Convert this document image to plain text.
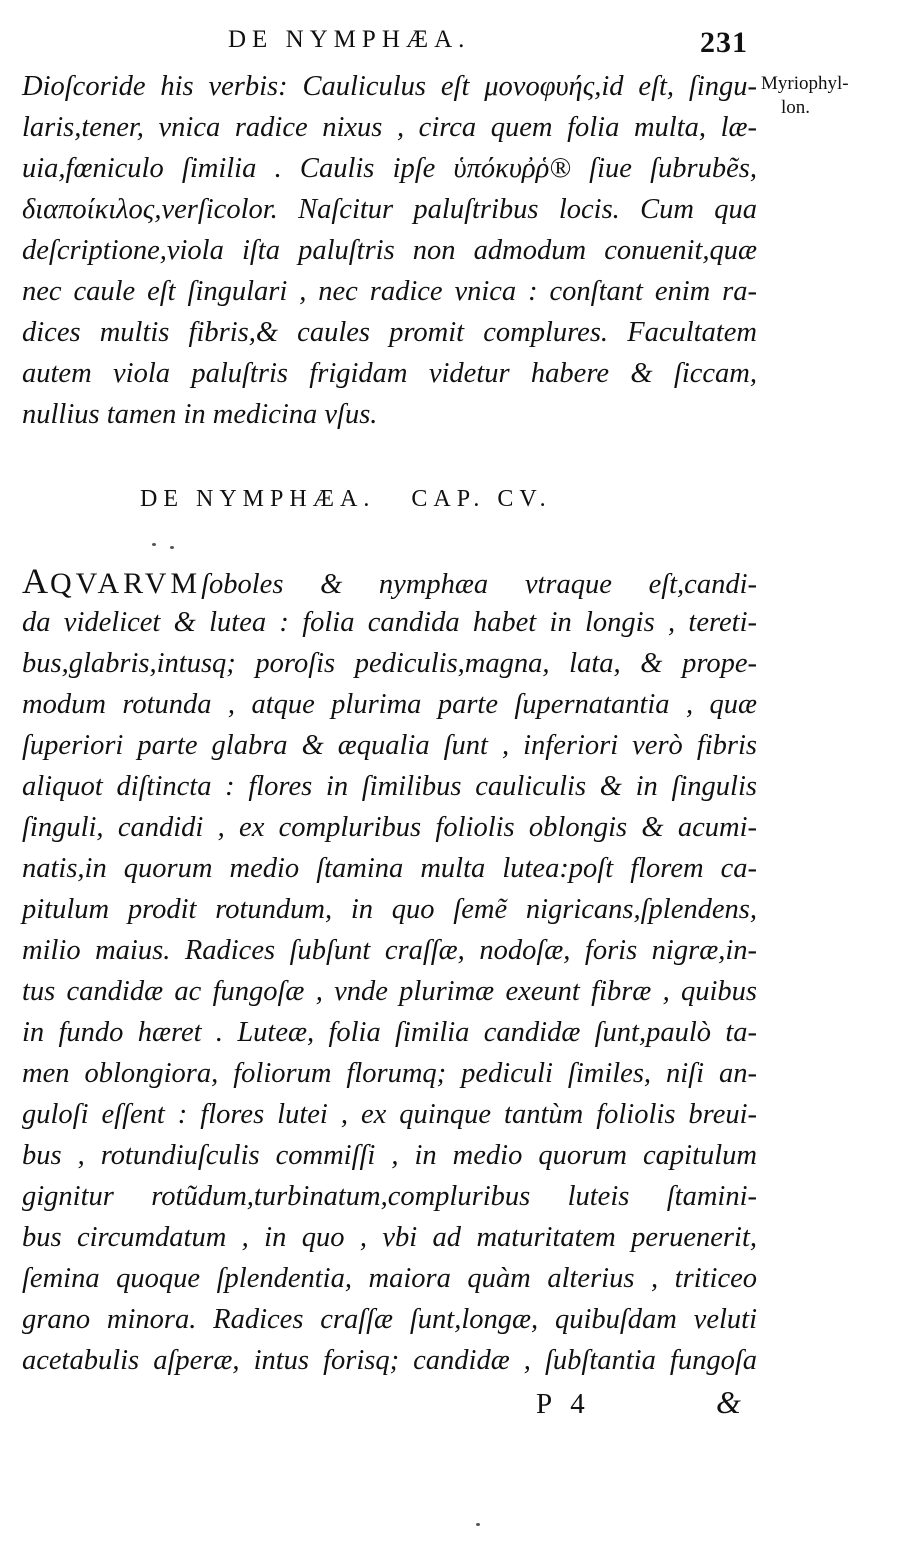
DE NYMPHÆA.	231
Myriophyl-
lon.
Dioſcoride his verbis: Cauliculus eſt μονοφυής,id eſt, ſingu-
laris,tener, vnica radice nixus , circa quem folia multa, læ-
uia,fœniculo ſimilia . Caulis ipſe ὑπόκυῤῥ® ſiue ſubrubẽs,
διαποίκιλος,verſicolor. Naſcitur paluſtribus locis. Cum qua
deſcriptione,viola iſta paluſtris non admodum conuenit,quæ
nec caule eſt ſingulari , nec radice vnica : conſtant enim ra-
dices multis fibris,& caules promit complures. Facultatem
autem viola paluſtris frigidam videtur habere & ſiccam,
nullius tamen in medicina vſus.
DE NYMPHÆA. CAP. CV.
AQVARVMſoboles & nymphæa vtraque eſt,candi-
da videlicet & lutea : folia candida habet in longis , tereti-
bus,glabris,intusq; poroſis pediculis,magna, lata, & prope-
modum rotunda , atque plurima parte ſupernatantia , quæ
ſuperiori parte glabra & æqualia ſunt , inferiori verò fibris
aliquot diſtincta : flores in ſimilibus cauliculis & in ſingulis
ſinguli, candidi , ex compluribus foliolis oblongis & acumi-
natis,in quorum medio ſtamina multa lutea:poſt florem ca-
pitulum prodit rotundum, in quo ſemẽ nigricans,ſplendens,
milio maius. Radices ſubſunt craſſæ, nodoſæ, foris nigræ,in-
tus candidæ ac fungoſæ , vnde plurimæ exeunt fibræ , quibus
in fundo hæret . Luteæ, folia ſimilia candidæ ſunt,paulò ta-
men oblongiora, foliorum florumq; pediculi ſimiles, niſi an-
guloſi eſſent : flores lutei , ex quinque tantùm foliolis breui-
bus , rotundiuſculis commiſſi , in medio quorum capitulum
gignitur rotũdum,turbinatum,compluribus luteis ſtamini-
bus circumdatum , in quo , vbi ad maturitatem peruenerit,
ſemina quoque ſplendentia, maiora quàm alterius , triticeo
grano minora. Radices craſſæ ſunt,longæ, quibuſdam veluti
acetabulis aſperæ, intus forisq; candidæ , ſubſtantia fungoſa
P 4	&
